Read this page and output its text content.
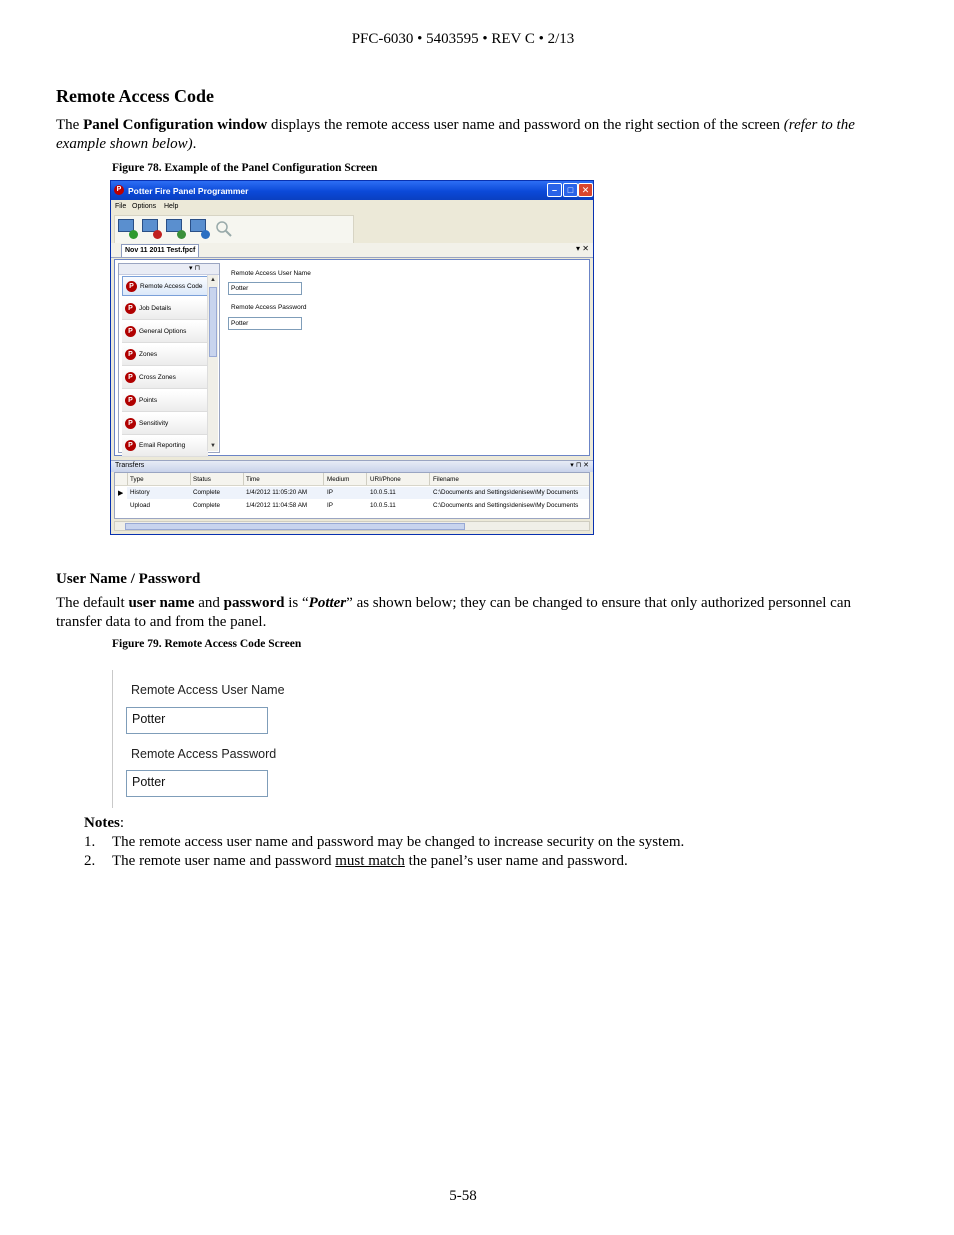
PFC-6030 • 5403595 • REV C • 2/13
Remote Access Code
The Panel Configuration window displays the remote access user name and password on the right section of the screen (refer to the example shown below).
Figure 78. Example of the Panel Configuration Screen
P Potter Fire Panel Programmer	–	□ ✕
File Options Help
Nov 11 2011 Test.fpcf	▾ ✕
▾ ⊓
P Remote Access Code
P Job Details
P General Options
P Zones
P Cross Zones
P Points
P Sensitivity
P Email Reporting
▲
▼
Remote Access User Name
Potter
Remote Access Password
Potter
Transfers	▾ ⊓ ✕
Type	Status	Time	Medium	URI/Phone	Filename
▶ History	Complete	1/4/2012 11:05:20 AM	IP	10.0.5.11	C:\Documents and Settings\denisew\My Documents
Upload	Complete	1/4/2012 11:04:58 AM	IP	10.0.5.11	C:\Documents and Settings\denisew\My Documents
User Name / Password
The default user name and password is “Potter” as shown below; they can be changed to ensure that only authorized personnel can transfer data to and from the panel.
Figure 79. Remote Access Code Screen
Remote Access User Name
Potter
Remote Access Password
Potter
Notes:
1. The remote access user name and password may be changed to increase security on the system.
2. The remote user name and password must match the panel’s user name and password.
5-58
